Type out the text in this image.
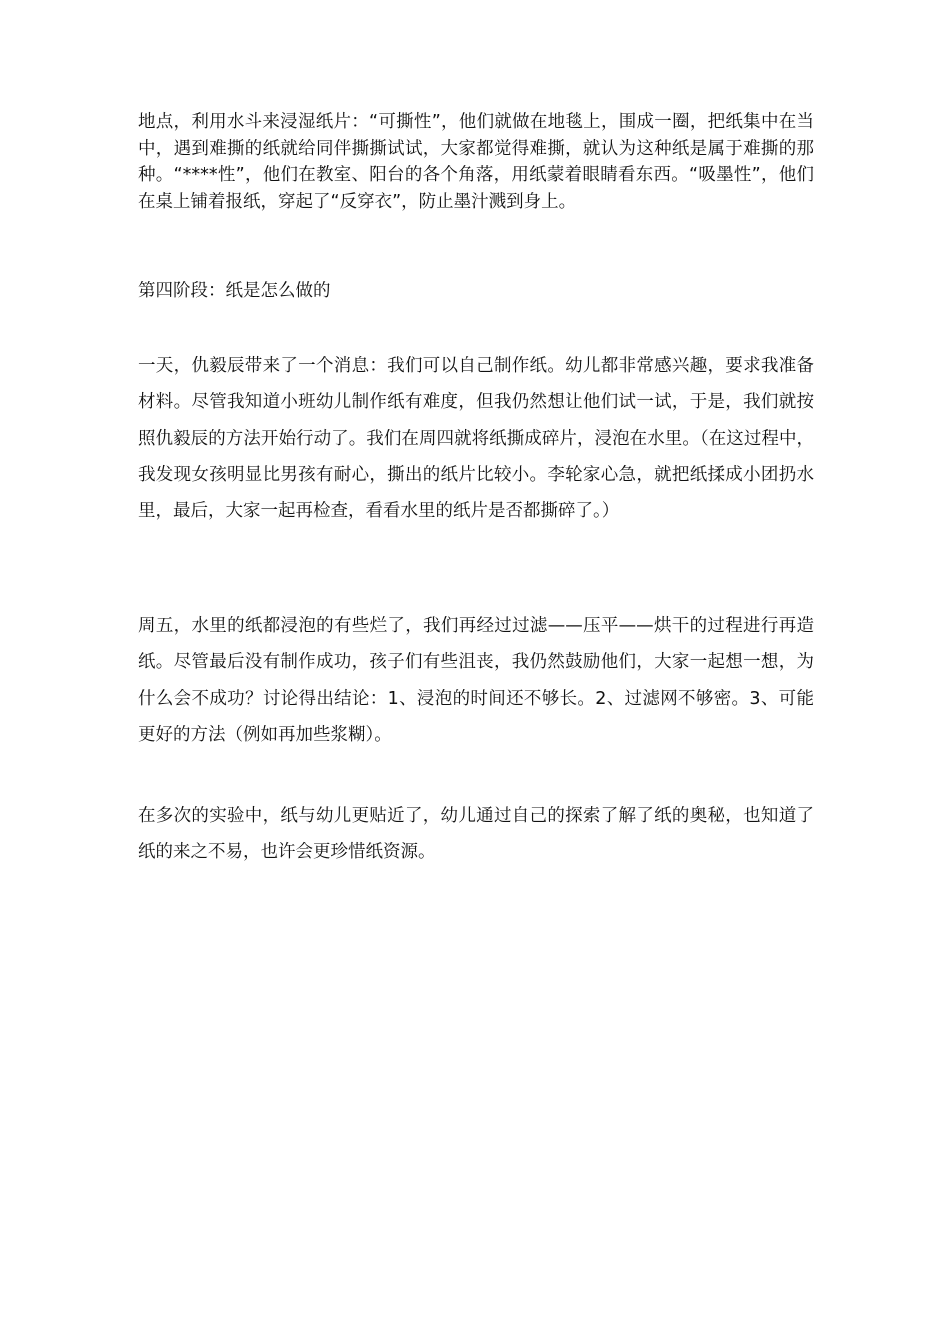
地点，利用水斗来浸湿纸片：“可撕性”，他们就做在地毯上，围成一圈，把纸集中在当中，遇到难撕的纸就给同伴撕撕试试，大家都觉得难撕，就认为这种纸是属于难撕的那种。“****性”，他们在教室、阳台的各个角落，用纸蒙着眼睛看东西。“吸墨性”，他们在桌上铺着报纸，穿起了“反穿衣”，防止墨汁溅到身上。

第四阶段：纸是怎么做的

一天，仇毅辰带来了一个消息：我们可以自己制作纸。幼儿都非常感兴趣，要求我准备材料。尽管我知道小班幼儿制作纸有难度，但我仍然想让他们试一试，于是，我们就按照仇毅辰的方法开始行动了。我们在周四就将纸撕成碎片，浸泡在水里。（在这过程中，我发现女孩明显比男孩有耐心，撕出的纸片比较小。李轮家心急，就把纸揉成小团扔水里，最后，大家一起再检查，看看水里的纸片是否都撕碎了。）

周五，水里的纸都浸泡的有些烂了，我们再经过过滤——压平——烘干的过程进行再造纸。尽管最后没有制作成功，孩子们有些沮丧，我仍然鼓励他们，大家一起想一想，为什么会不成功？讨论得出结论：1、浸泡的时间还不够长。2、过滤网不够密。3、可能更好的方法（例如再加些浆糊）。

在多次的实验中，纸与幼儿更贴近了，幼儿通过自己的探索了解了纸的奥秘，也知道了纸的来之不易，也许会更珍惜纸资源。
